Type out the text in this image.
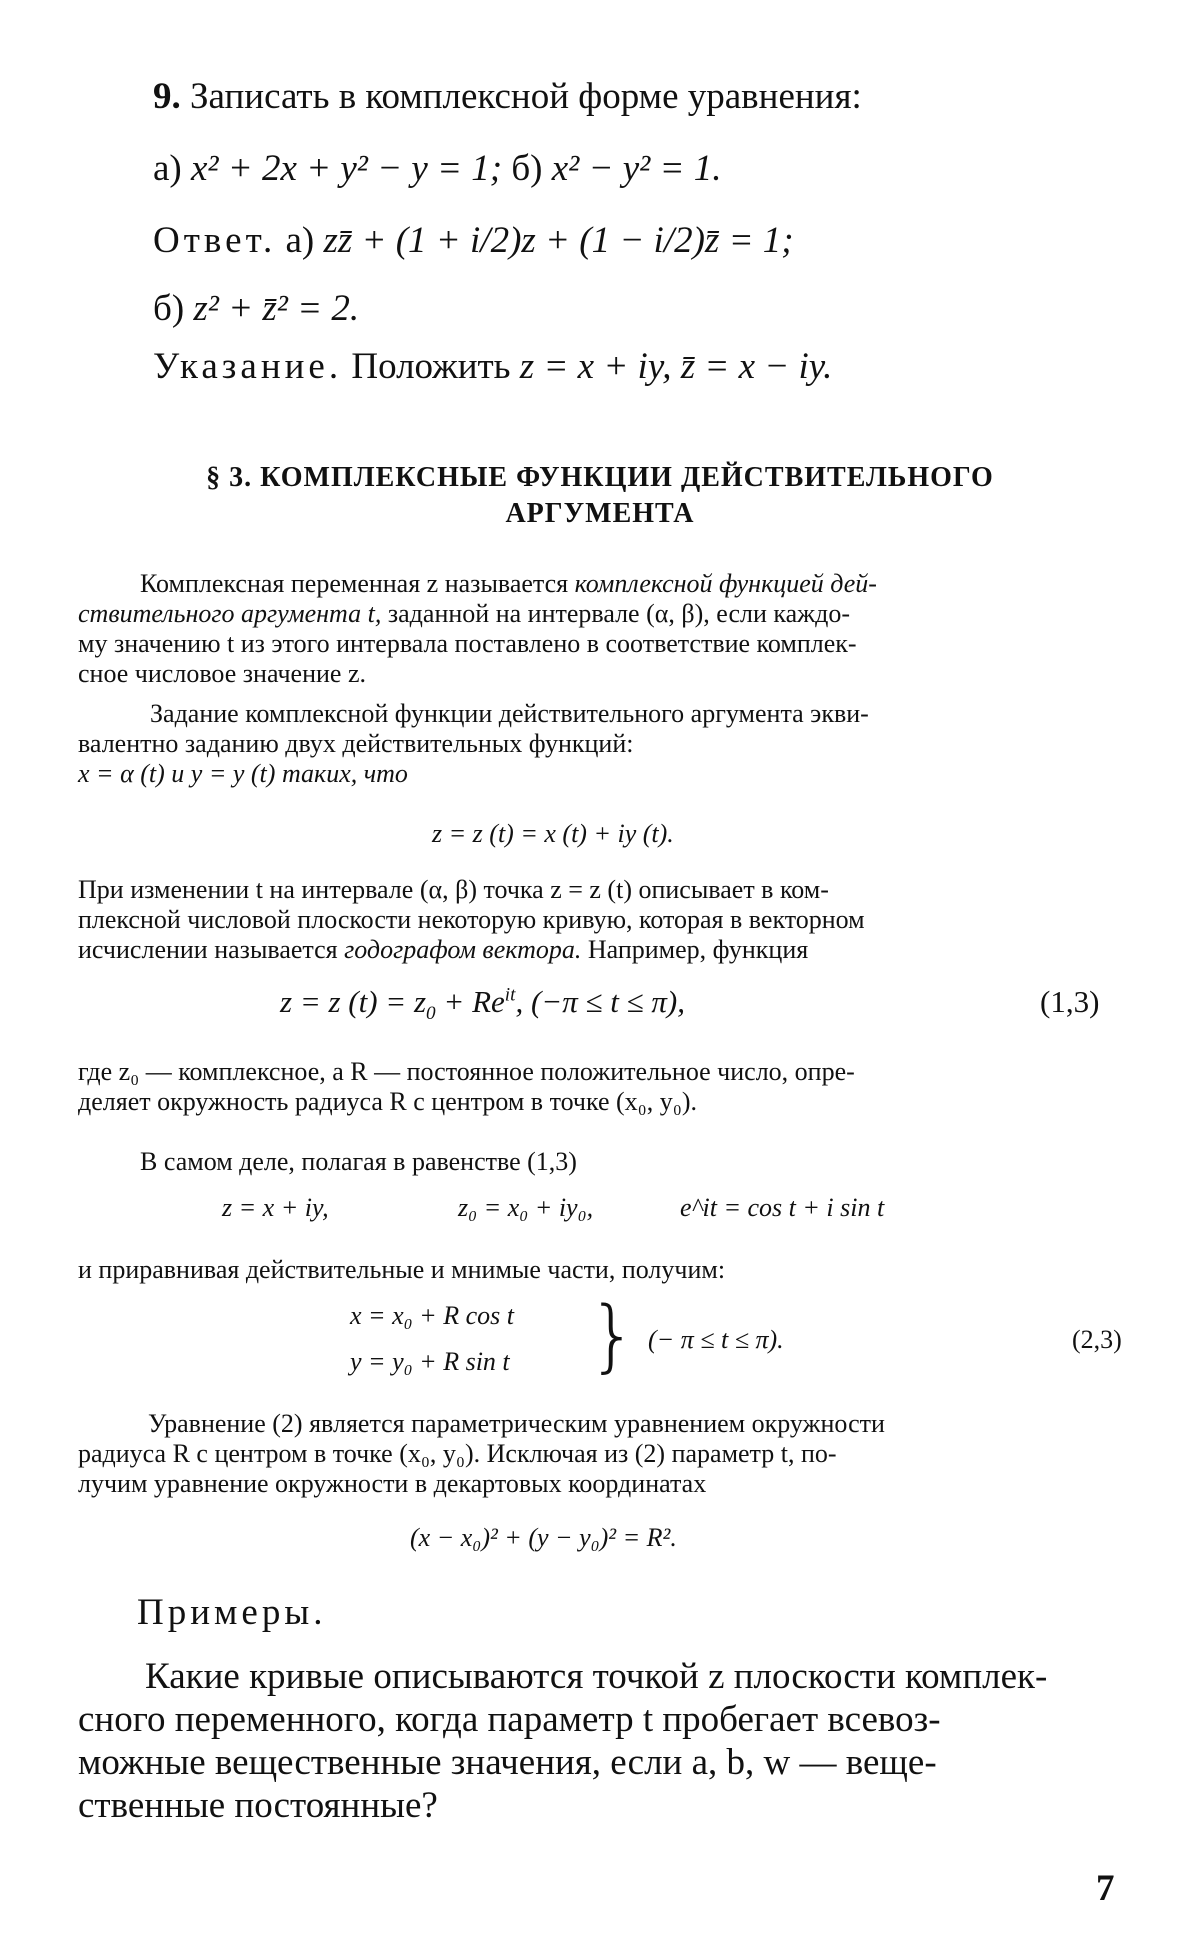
9. Записать в комплексной форме уравнения:
а) x² + 2x + y² − y = 1; б) x² − y² = 1.
Ответ. а) zz̄ + (1 + i/2)z + (1 − i/2)z̄ = 1;
б) z² + z̄² = 2.
Указание. Положить z = x + iy, z̄ = x − iy.
§ 3. КОМПЛЕКСНЫЕ ФУНКЦИИ ДЕЙСТВИТЕЛЬНОГО
АРГУМЕНТА
Комплексная переменная z называется комплексной функцией дей-
ствительного аргумента t, заданной на интервале (α, β), если каждо-
му значению t из этого интервала поставлено в соответствие комплек-
сное числовое значение z.
Задание комплексной функции действительного аргумента экви-
валентно заданию двух действительных функций:
x = α (t) и y = y (t) таких, что
z = z (t) = x (t) + iy (t).
При изменении t на интервале (α, β) точка z = z (t) описывает в ком-
плексной числовой плоскости некоторую кривую, которая в векторном
исчислении называется годографом вектора. Например, функция
z = z $(t) = z_0 + Re^{it}$, (−π ≤ t ≤ π),	(1,3)
где z₀ — комплексное, а R — постоянное положительное число, опре-
деляет окружность радиуса R с центром в точке (x₀, y₀).
В самом деле, полагая в равенстве (1,3)
z = x + iy,	z₀ = x₀ + iy₀,	e^it = cos t + i sin t
и приравнивая действительные и мнимые части, получим:
x = x₀ + R cos t
y = y₀ + R sin t } (− π ≤ t ≤ π).	(2,3)
Уравнение (2) является параметрическим уравнением окружности
радиуса R с центром в точке (x₀, y₀). Исключая из (2) параметр t, по-
лучим уравнение окружности в декартовых координатах
(x − x₀)² + (y − y₀)² = R².
Примеры.
Какие кривые описываются точкой z плоскости комплек-
сного переменного, когда параметр t пробегает всевоз-
можные вещественные значения, если a, b, w — веще-
ственные постоянные?
7
